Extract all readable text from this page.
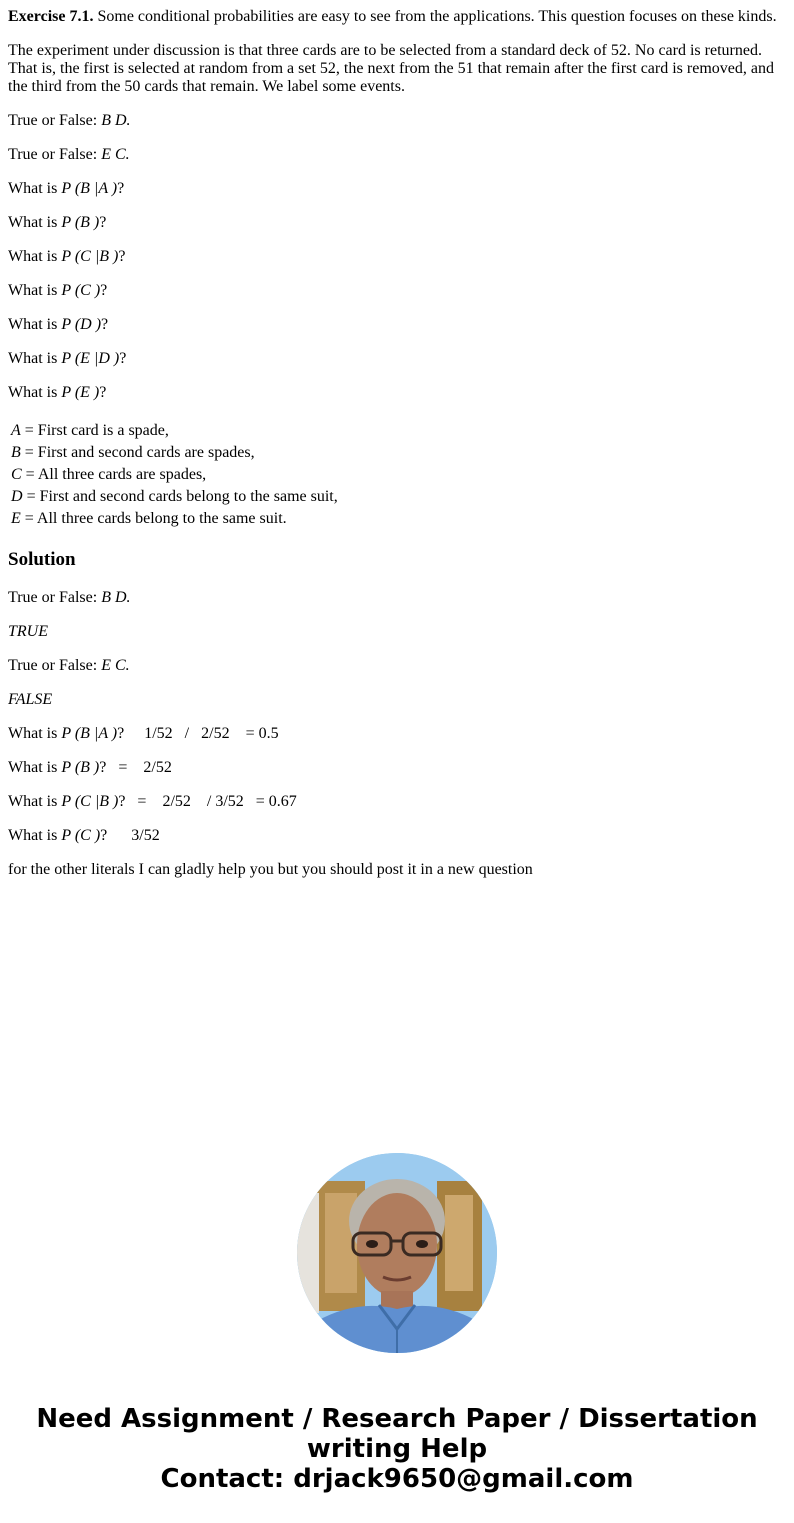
Exercise 7.1. Some conditional probabilities are easy to see from the applications. This question focuses on these kinds.

The experiment under discussion is that three cards are to be selected from a standard deck of 52. No card is returned. That is, the first is selected at random from a set 52, the next from the 51 that remain after the first card is removed, and the third from the 50 cards that remain. We label some events.

True or False: B D.

True or False: E C.

What is P (B |A )?

What is P (B )?

What is P (C |B )?

What is P (C )?

What is P (D )?

What is P (E |D )?

What is P (E )?

A = First card is a spade,
B = First and second cards are spades,
C = All three cards are spades,
D = First and second cards belong to the same suit,
E = All three cards belong to the same suit.
Solution

True or False: B D.

TRUE

True or False: E C.

FALSE

What is P (B |A )?     1/52   /   2/52    = 0.5

What is P (B )?   =    2/52

What is P (C |B )?   =    2/52    / 3/52   = 0.67

What is P (C )?      3/52

for the other literals I can gladly help you but you should post it in a new question

Need Assignment / Research Paper / Dissertation
writing Help
Contact: drjack9650@gmail.com
